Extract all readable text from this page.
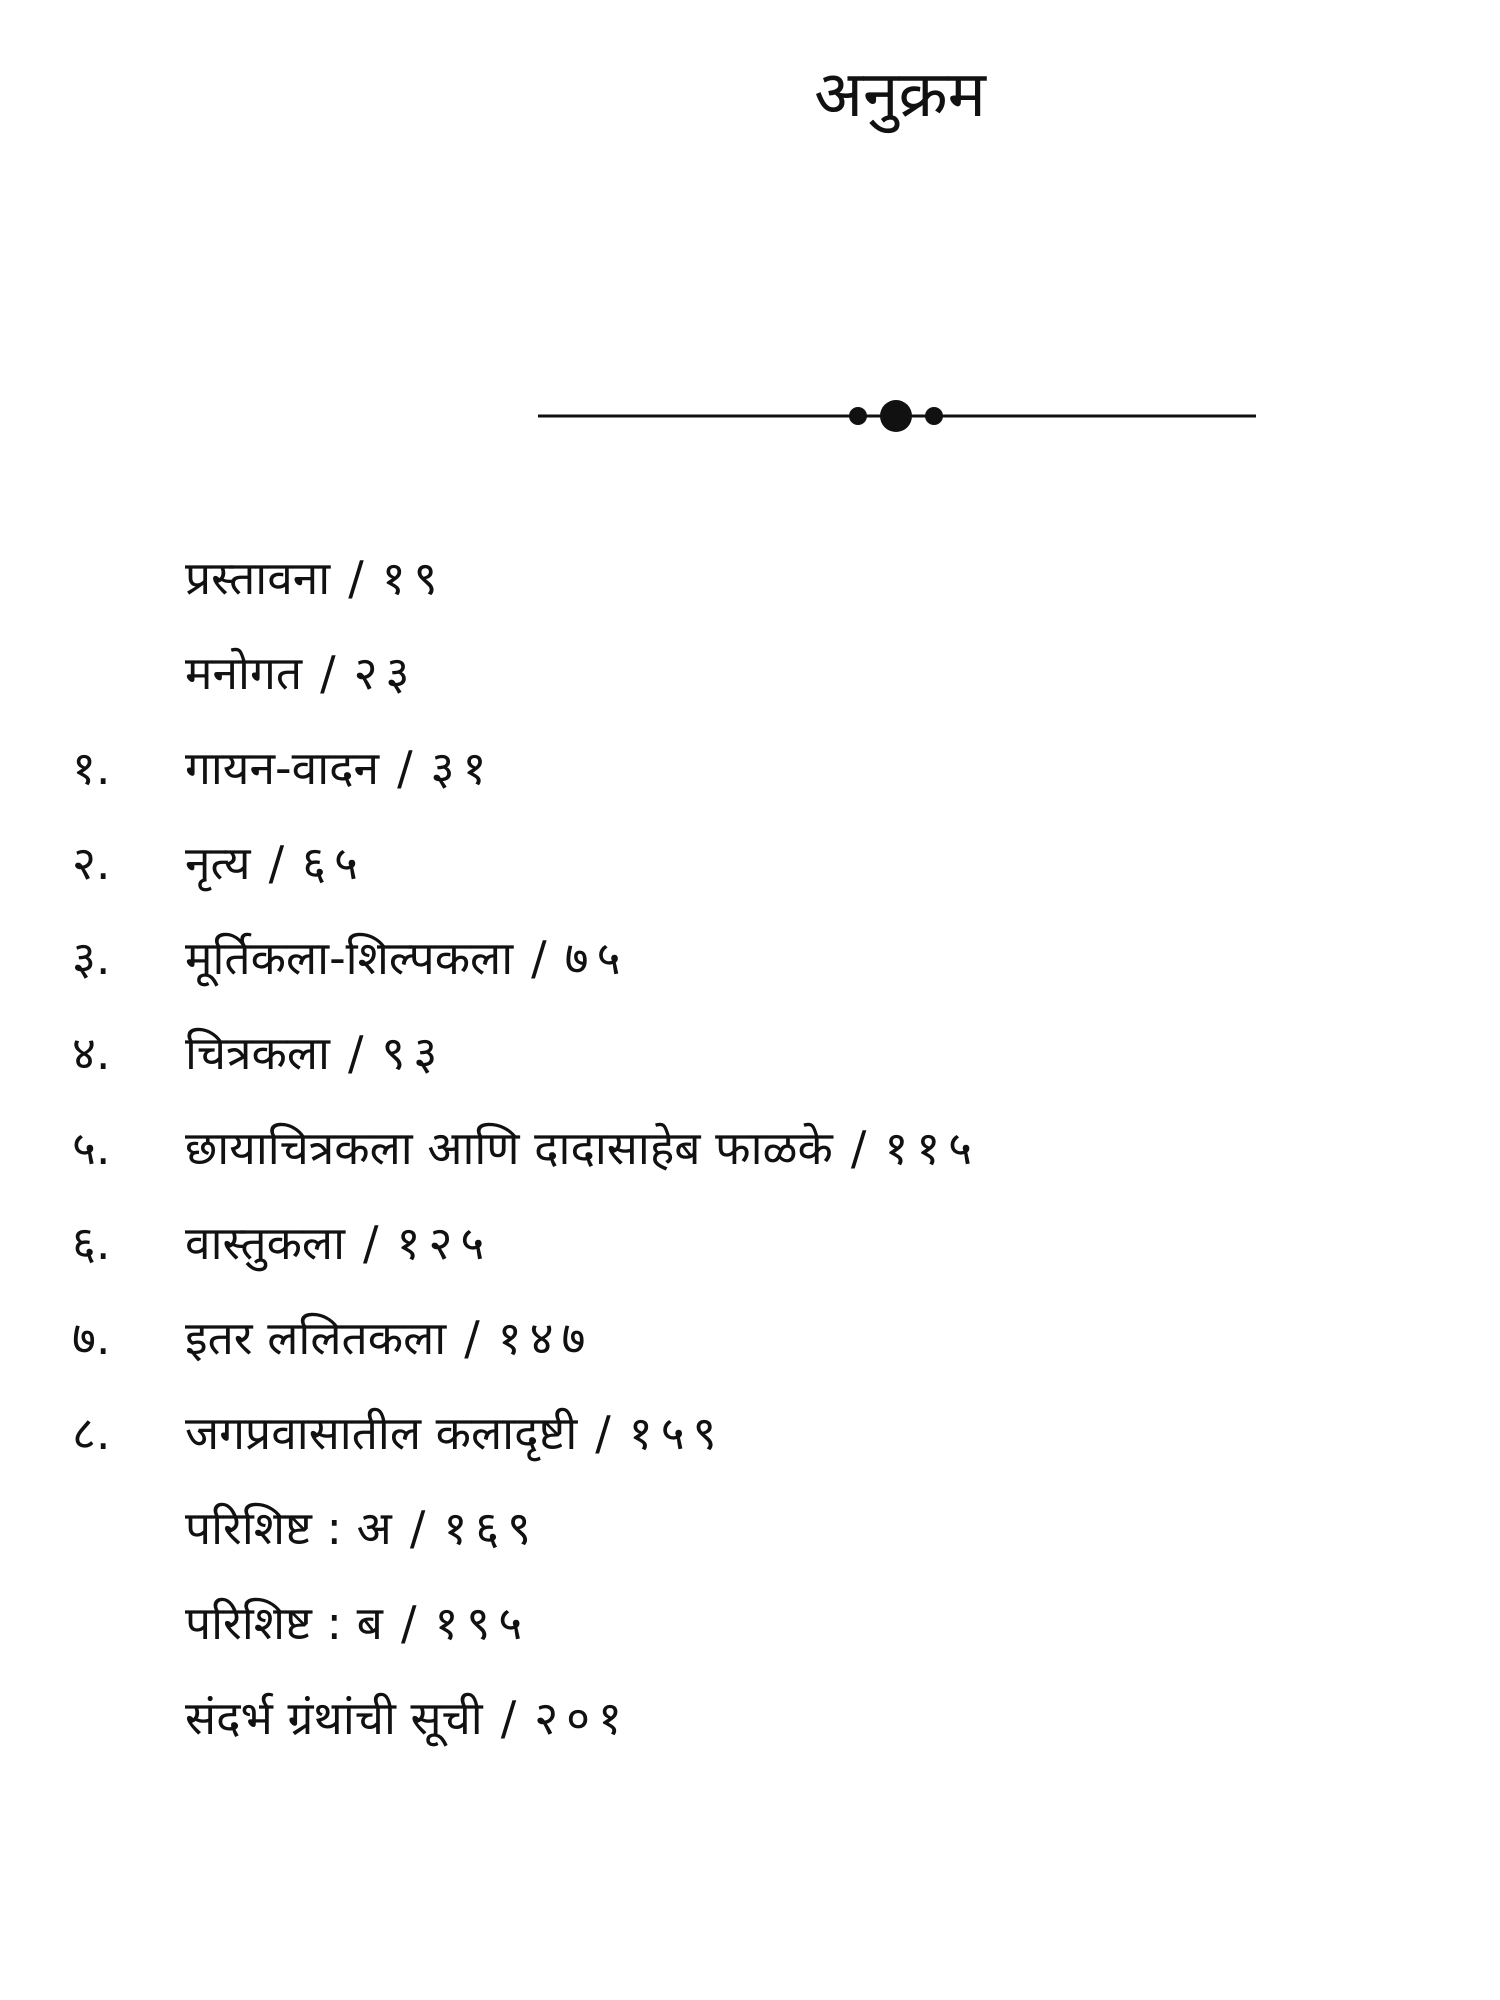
अनुक्रम
प्रस्तावना / १९
मनोगत / २३
१.	गायन-वादन / ३१
२.	नृत्य / ६५
३.	मूर्तिकला-शिल्पकला / ७५
४.	चित्रकला / ९३
५.	छायाचित्रकला आणि दादासाहेब फाळके / ११५
६.	वास्तुकला / १२५
७.	इतर ललितकला / १४७
८.	जगप्रवासातील कलादृष्टी / १५९
परिशिष्ट : अ / १६९
परिशिष्ट : ब / १९५
संदर्भ ग्रंथांची सूची / २०१
